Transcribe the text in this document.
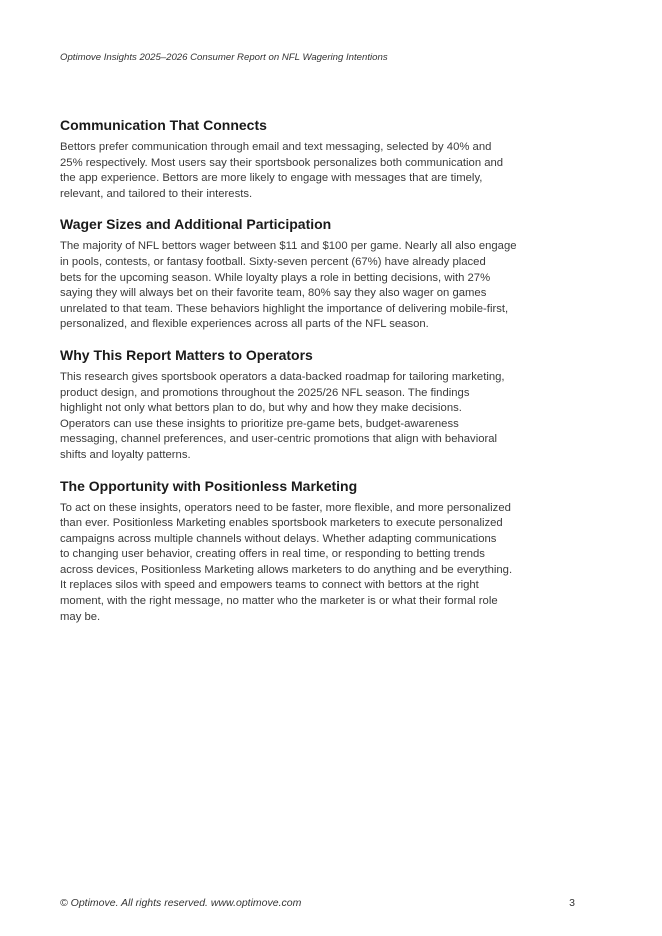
Optimove Insights 2025–2026 Consumer Report on NFL Wagering Intentions
Communication That Connects

Bettors prefer communication through email and text messaging, selected by 40% and
25% respectively. Most users say their sportsbook personalizes both communication and
the app experience. Bettors are more likely to engage with messages that are timely,
relevant, and tailored to their interests.

Wager Sizes and Additional Participation

The majority of NFL bettors wager between $11 and $100 per game. Nearly all also engage
in pools, contests, or fantasy football. Sixty-seven percent (67%) have already placed
bets for the upcoming season. While loyalty plays a role in betting decisions, with 27%
saying they will always bet on their favorite team, 80% say they also wager on games
unrelated to that team. These behaviors highlight the importance of delivering mobile-first,
personalized, and flexible experiences across all parts of the NFL season.

Why This Report Matters to Operators

This research gives sportsbook operators a data-backed roadmap for tailoring marketing,
product design, and promotions throughout the 2025/26 NFL season. The findings
highlight not only what bettors plan to do, but why and how they make decisions.
Operators can use these insights to prioritize pre-game bets, budget-awareness
messaging, channel preferences, and user-centric promotions that align with behavioral
shifts and loyalty patterns.

The Opportunity with Positionless Marketing

To act on these insights, operators need to be faster, more flexible, and more personalized
than ever. Positionless Marketing enables sportsbook marketers to execute personalized
campaigns across multiple channels without delays. Whether adapting communications
to changing user behavior, creating offers in real time, or responding to betting trends
across devices, Positionless Marketing allows marketers to do anything and be everything.
It replaces silos with speed and empowers teams to connect with bettors at the right
moment, with the right message, no matter who the marketer is or what their formal role
may be.

© Optimove. All rights reserved. www.optimove.com	3
